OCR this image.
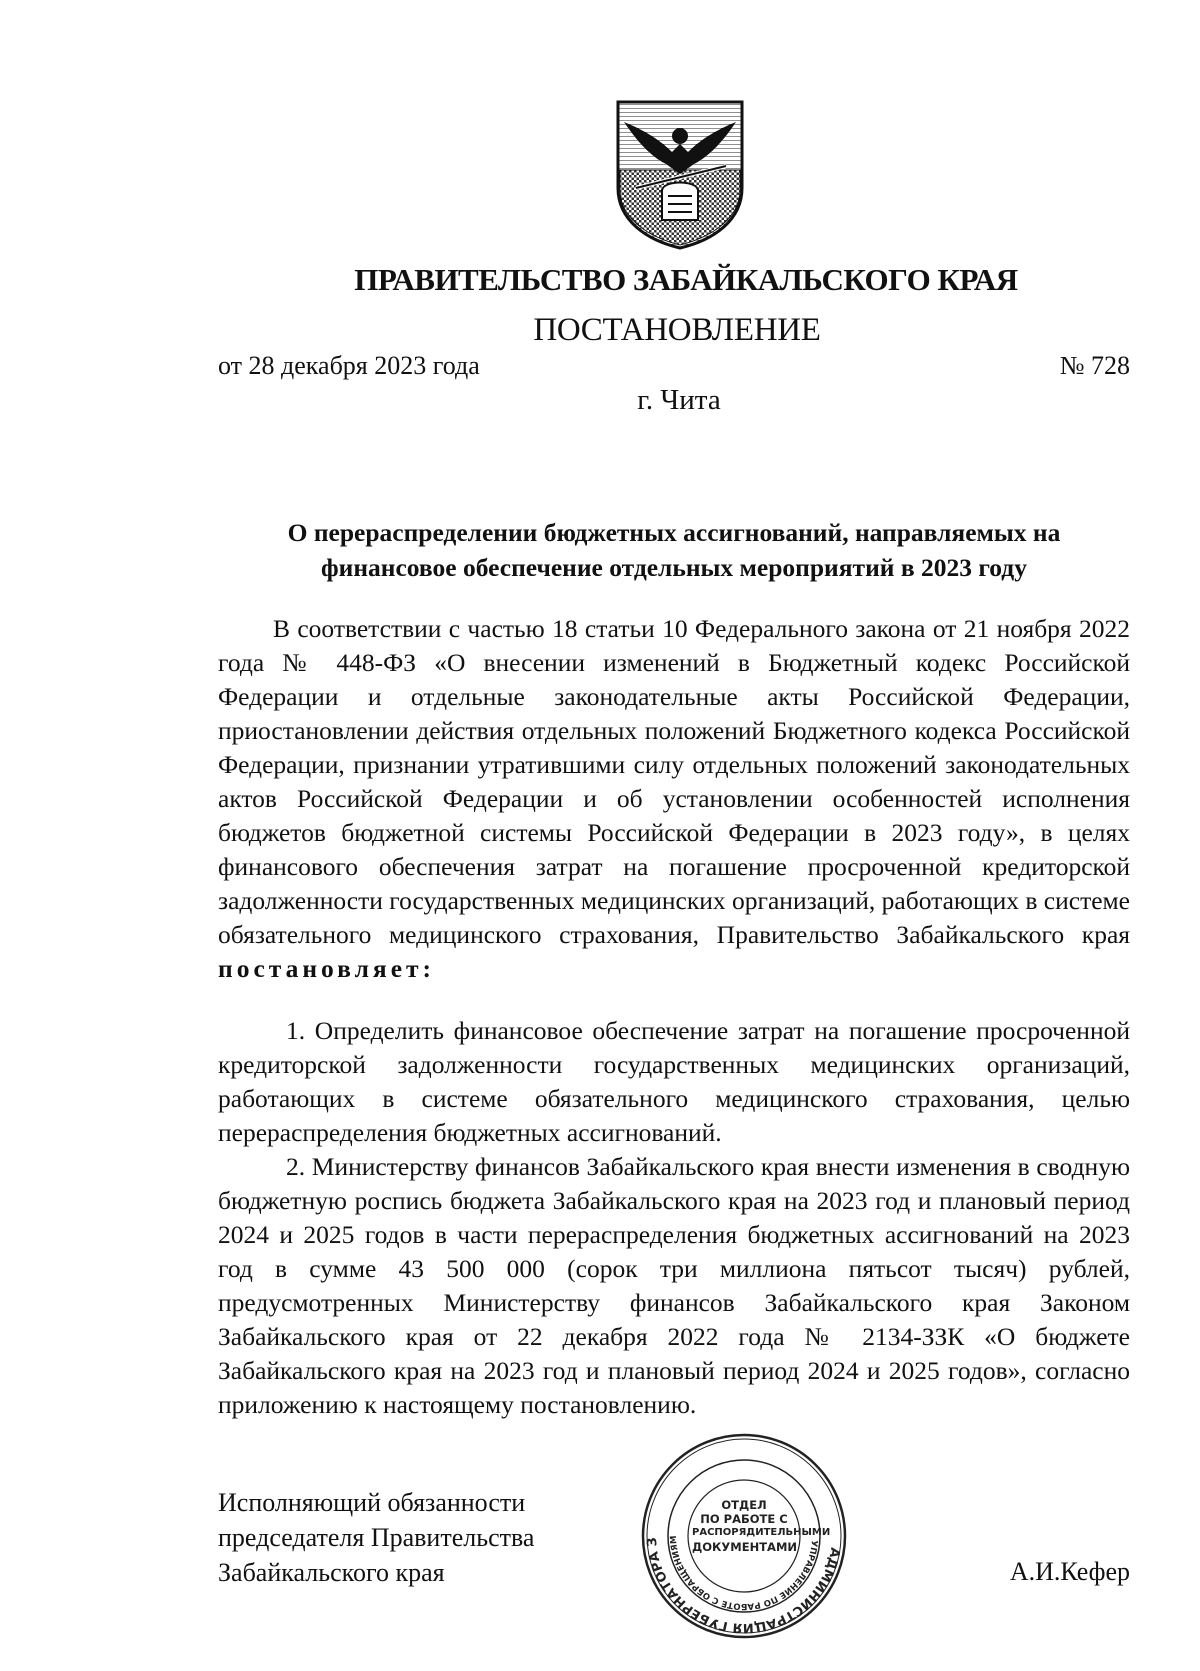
ПРАВИТЕЛЬСТВО ЗАБАЙКАЛЬСКОГО КРАЯ
ПОСТАНОВЛЕНИЕ
от 28 декабря 2023 года	№ 728
г. Чита
О перераспределении бюджетных ассигнований, направляемых на
финансовое обеспечение отдельных мероприятий в 2023 году

В соответствии с частью 18 статьи 10 Федерального закона от 21 ноября 2022 года № 448-ФЗ «О внесении изменений в Бюджетный кодекс Российской Федерации и отдельные законодательные акты Российской Федерации, приостановлении действия отдельных положений Бюджетного кодекса Российской Федерации, признании утратившими силу отдельных положений законодательных актов Российской Федерации и об установлении особенностей исполнения бюджетов бюджетной системы Российской Федерации в 2023 году», в целях финансового обеспечения затрат на погашение просроченной кредиторской задолженности государственных медицинских организаций, работающих в системе обязательного медицинского страхования, Правительство Забайкальского края постановляет:

1. Определить финансовое обеспечение затрат на погашение просроченной кредиторской задолженности государственных медицинских организаций, работающих в системе обязательного медицинского страхования, целью перераспределения бюджетных ассигнований.

2. Министерству финансов Забайкальского края внести изменения в сводную бюджетную роспись бюджета Забайкальского края на 2023 год и плановый период 2024 и 2025 годов в части перераспределения бюджетных ассигнований на 2023 год в сумме 43 500 000 (сорок три миллиона пятьсот тысяч) рублей, предусмотренных Министерству финансов Забайкальского края Законом Забайкальского края от 22 декабря 2022 года № 2134-ЗЗК «О бюджете Забайкальского края на 2023 год и плановый период 2024 и 2025 годов», согласно приложению к настоящему постановлению.

Исполняющий обязанности
председателя Правительства
Забайкальского края
АДМИНИСТРАЦИЯ ГУБЕРНАТОРА З	УПРАВЛЕНИЕ ПО РАБОТЕ С ОБРАЩЕНИЯМ
ОТДЕЛ
ПО РАБОТЕ С
РАСПОРЯДИТЕЛЬНЫМИ
ДОКУМЕНТАМИ
А.И.Кефер
